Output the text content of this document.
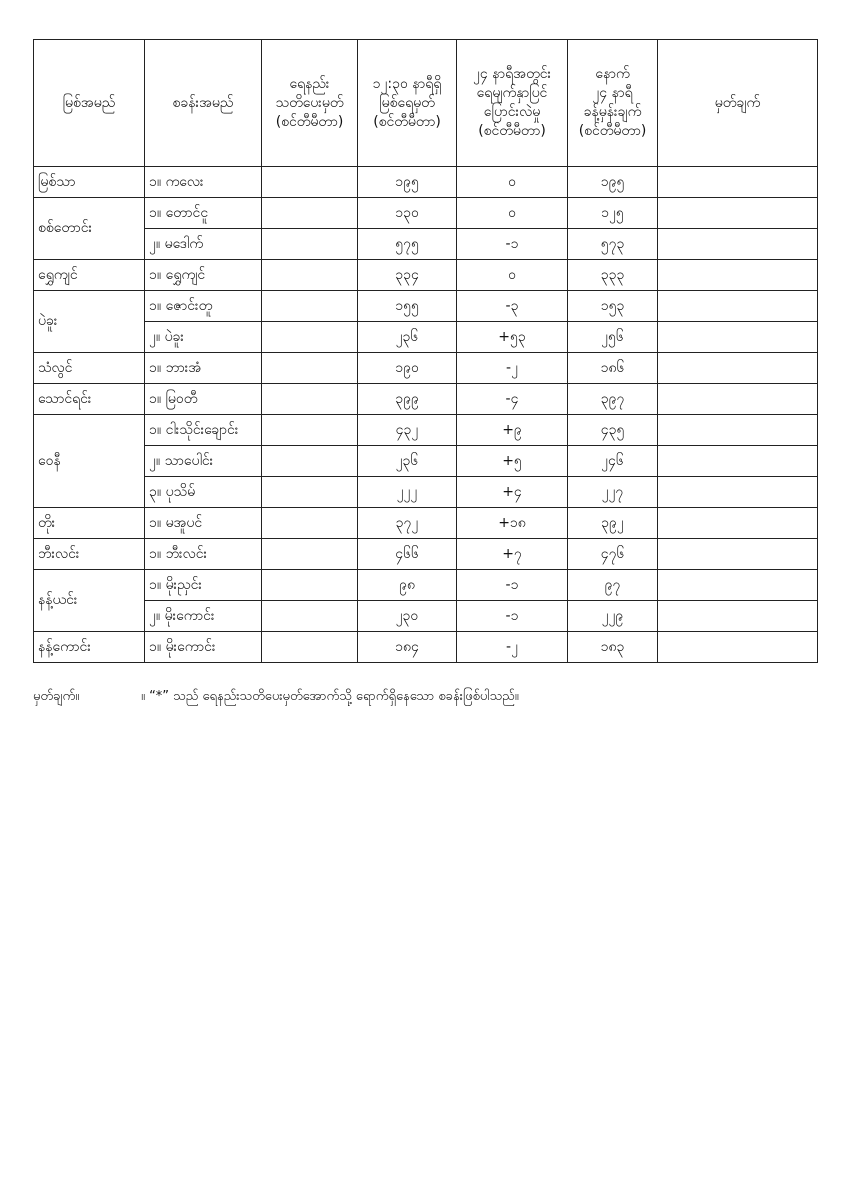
မြစ်အမည်	စခန်းအမည်	ရေနည်း
သတိပေးမှတ်
(စင်တီမီတာ)	၁၂:၃၀ နာရီရှိ
မြစ်ရေမှတ်
(စင်တီမီတာ)	၂၄ နာရီအတွင်း
ရေမျက်နှာပြင်
ပြောင်းလဲမှု
(စင်တီမီတာ)	နောက်
၂၄ နာရီ
ခန့်မှန်းချက်
(စင်တီမီတာ)	မှတ်ချက်
မြစ်သာ	၁။ ကလေး		၁၉၅	၀	၁၉၅	
စစ်တောင်း	၁။ တောင်ငူ		၁၃၀	၀	၁၂၅	
	၂။ မဒေါက်		၅၇၅	-၁	၅၇၃	
ရွှေကျင်	၁။ ရွှေကျင်		၃၃၄	၀	၃၃၃	
ပဲခူး	၁။ ဇောင်းတူ		၁၅၅	-၃	၁၅၃	
	၂။ ပဲခူး		၂၃၆	+၅၃	၂၅၆	
သံလွင်	၁။ ဘားအံ		၁၉၀	-၂	၁၈၆	
သောင်ရင်း	၁။ မြဝတီ		၃၉၉	-၄	၃၉၇	
ဝေနီ	၁။ ငါးသိုင်းချောင်း		၄၃၂	+၉	၄၃၅	
	၂။ သာပေါင်း		၂၃၆	+၅	၂၄၆	
	၃။ ပုသိမ်		၂၂၂	+၄	၂၂၇	
တိုး	၁။ မအူပင်		၃၇၂	+၁၈	၃၉၂	
ဘီးလင်း	၁။ ဘီးလင်း		၄၆၆	+၇	၄၇၆	
နန့်ယင်း	၁။ မိုးညှင်း		၉၈	-၁	၉၇	
	၂။ မိုးကောင်း		၂၃၀	-၁	၂၂၉	
နန့်ကောင်း	၁။ မိုးကောင်း		၁၈၄	-၂	၁၈၃	
မှတ်ချက်။	။ “*” သည် ရေနည်းသတိပေးမှတ်အောက်သို့ ရောက်ရှိနေသော စခန်းဖြစ်ပါသည်။
